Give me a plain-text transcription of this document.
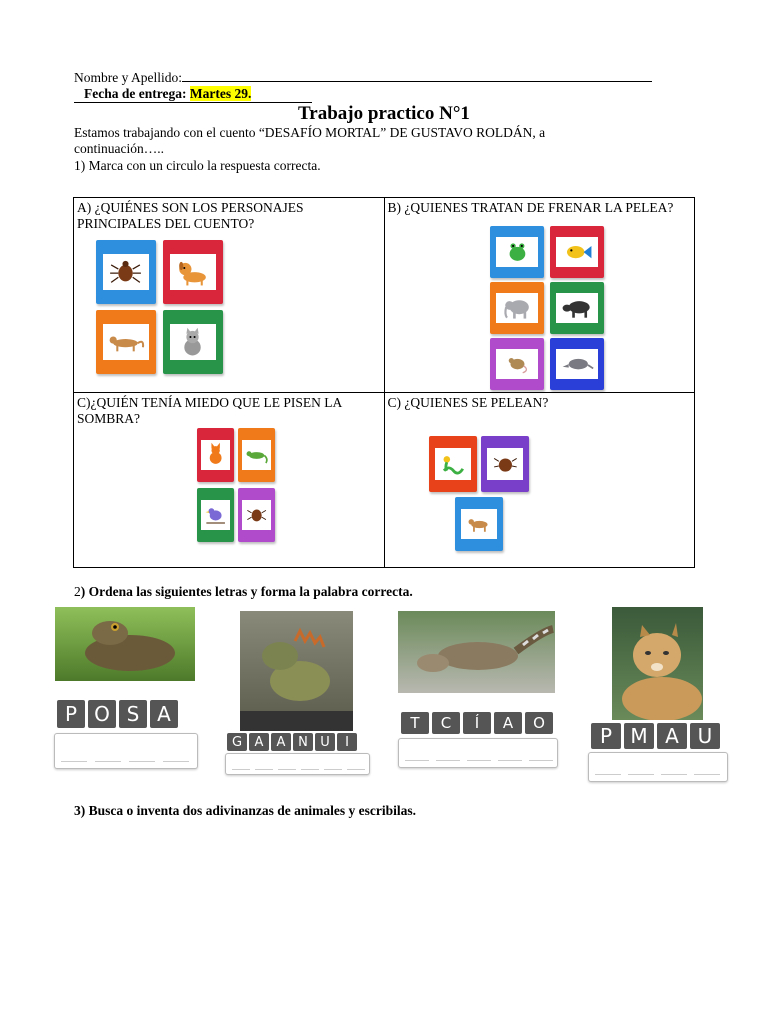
Nombre y Apellido:
Fecha de entrega: Martes 29.
Trabajo practico N°1
Estamos trabajando con el cuento “DESAFÍO MORTAL” DE GUSTAVO ROLDÁN, a continuación…..
1) Marca con un circulo la respuesta correcta.
A) ¿QUIÉNES SON LOS PERSONAJES PRINCIPALES DEL CUENTO?	B) ¿QUIENES TRATAN DE FRENAR LA PELEA?

C)¿QUIÉN TENÍA MIEDO QUE LE PISEN LA SOMBRA?	C) ¿QUIENES SE PELEAN?
2) Ordena las siguientes letras y forma la palabra correcta.
P O S A
G A	A N U	I
T	C	Í	A	O
P M A U
3) Busca o inventa dos adivinanzas de animales y escribilas.
